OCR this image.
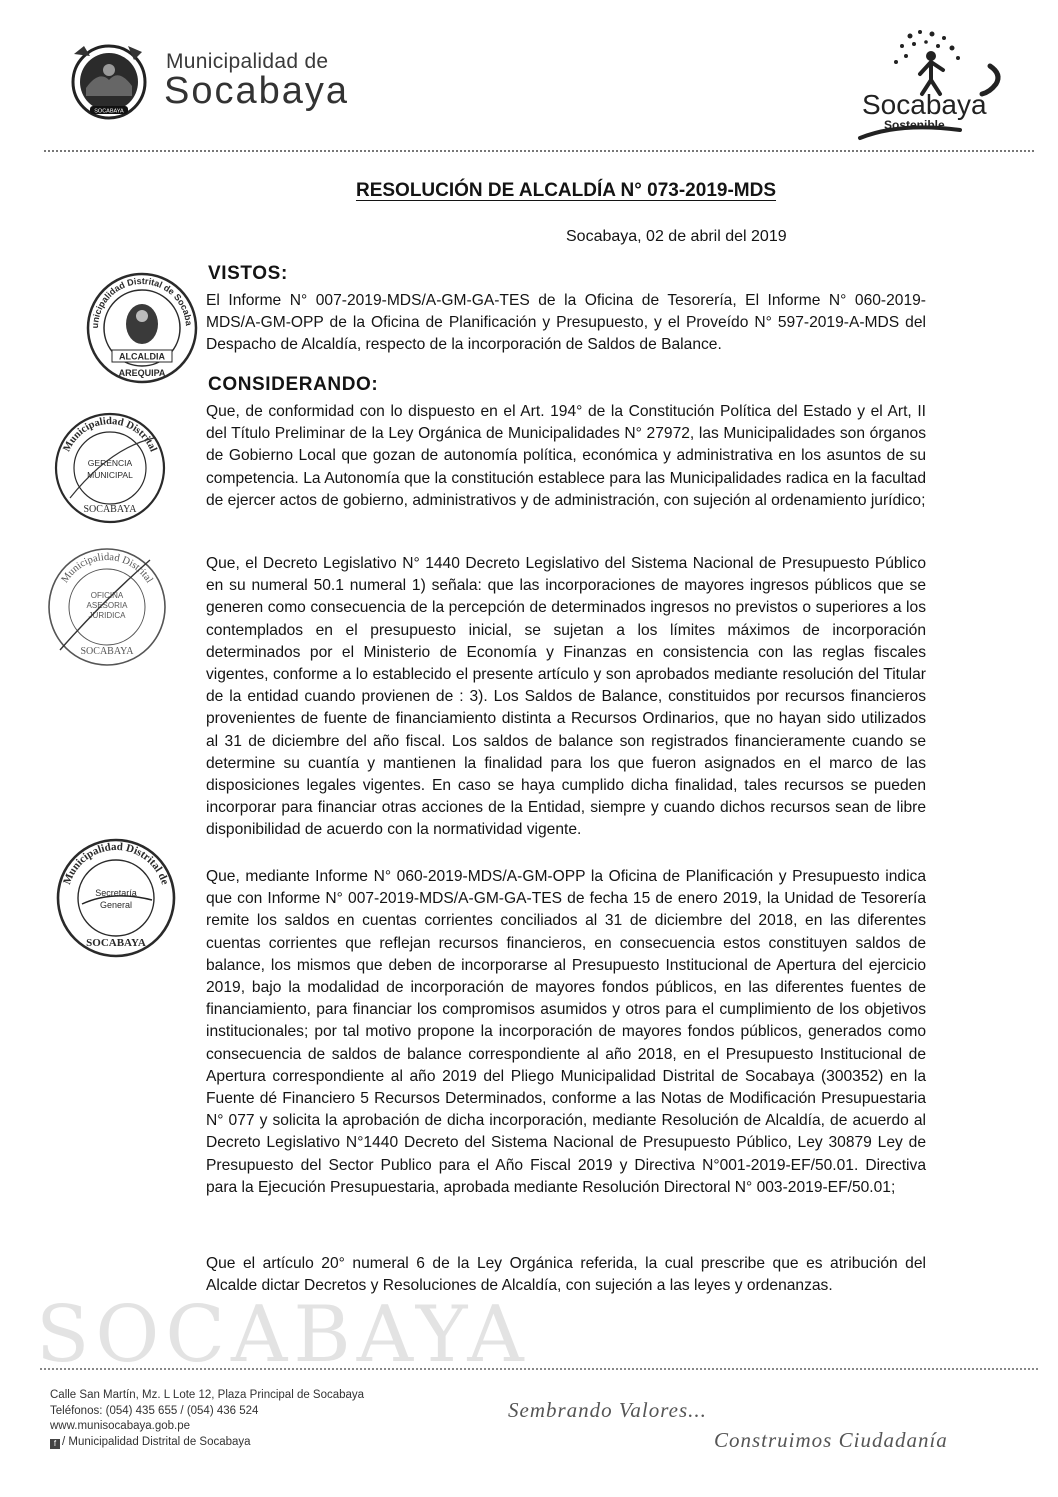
SOCABAYA
Municipalidad de
Socabaya	Socabaya
Sostenible
RESOLUCIÓN DE ALCALDÍA N° 073-2019-MDS
Socabaya, 02 de abril del 2019
unicipalidad Distrital de Socaba
ALCALDIA
AREQUIPA
Municipalidad Distrital
GERENCIA
MUNICIPAL
SOCABAYA
Municipalidad Distrital
OFICINA
ASESORIA
JURIDICA
SOCABAYA
Municipalidad Distrital de
Secretaría
General
SOCABAYA
VISTOS:

El Informe N° 007-2019-MDS/A-GM-GA-TES de la Oficina de Tesorería, El Informe N° 060-2019-MDS/A-GM-OPP de la Oficina de Planificación y Presupuesto, y el Proveído N° 597-2019-A-MDS del Despacho de Alcaldía, respecto de la incorporación de Saldos de Balance.

CONSIDERANDO:

Que, de conformidad con lo dispuesto en el Art. 194° de la Constitución Política del Estado y el Art, II del Título Preliminar de la Ley Orgánica de Municipalidades N° 27972, las Municipalidades son órganos de Gobierno Local que gozan de autonomía política, económica y administrativa en los asuntos de su competencia. La Autonomía que la constitución establece para las Municipalidades radica en la facultad de ejercer actos de gobierno, administrativos y de administración, con sujeción al ordenamiento jurídico;

Que, el Decreto Legislativo N° 1440 Decreto Legislativo del Sistema Nacional de Presupuesto Público en su numeral 50.1 numeral 1) señala: que las incorporaciones de mayores ingresos públicos que se generen como consecuencia de la percepción de determinados ingresos no previstos o superiores a los contemplados en el presupuesto inicial, se sujetan a los límites máximos de incorporación determinados por el Ministerio de Economía y Finanzas en consistencia con las reglas fiscales vigentes, conforme a lo establecido el presente artículo y son aprobados mediante resolución del Titular de la entidad cuando provienen de : 3). Los Saldos de Balance, constituidos por recursos financieros provenientes de fuente de financiamiento distinta a Recursos Ordinarios, que no hayan sido utilizados al 31 de diciembre del año fiscal. Los saldos de balance son registrados financieramente cuando se determine su cuantía y mantienen la finalidad para los que fueron asignados en el marco de las disposiciones legales vigentes. En caso se haya cumplido dicha finalidad, tales recursos se pueden incorporar para financiar otras acciones de la Entidad, siempre y cuando dichos recursos sean de libre disponibilidad de acuerdo con la normatividad vigente.

Que, mediante Informe N° 060-2019-MDS/A-GM-OPP la Oficina de Planificación y Presupuesto indica que con Informe N° 007-2019-MDS/A-GM-GA-TES de fecha 15 de enero 2019, la Unidad de Tesorería remite los saldos en cuentas corrientes conciliados al 31 de diciembre del 2018, en las diferentes cuentas corrientes que reflejan recursos financieros, en consecuencia estos constituyen saldos de balance, los mismos que deben de incorporarse al Presupuesto Institucional de Apertura del ejercicio 2019, bajo la modalidad de incorporación de mayores fondos públicos, en las diferentes fuentes de financiamiento, para financiar los compromisos asumidos y otros para el cumplimiento de los objetivos institucionales; por tal motivo propone la incorporación de mayores fondos públicos, generados como consecuencia de saldos de balance correspondiente al año 2018, en el Presupuesto Institucional de Apertura correspondiente al año 2019 del Pliego Municipalidad Distrital de Socabaya (300352) en la Fuente dé Financiero 5 Recursos Determinados, conforme a las Notas de Modificación Presupuestaria N° 077 y solicita la aprobación de dicha incorporación, mediante Resolución de Alcaldía, de acuerdo al Decreto Legislativo N°1440 Decreto del Sistema Nacional de Presupuesto Público, Ley 30879 Ley de Presupuesto del Sector Publico para el Año Fiscal 2019 y Directiva N°001-2019-EF/50.01. Directiva para la Ejecución Presupuestaria, aprobada mediante Resolución Directoral N° 003-2019-EF/50.01;

Que el artículo 20° numeral 6 de la Ley Orgánica referida, la cual prescribe que es atribución del Alcalde dictar Decretos y Resoluciones de Alcaldía, con sujeción a las leyes y ordenanzas.

SOCABAYA
Calle San Martín, Mz. L Lote 12, Plaza Principal de Socabaya
Teléfonos: (054) 435 655 / (054) 436 524
www.munisocabaya.gob.pe
f / Municipalidad Distrital de Socabaya
Sembrando Valores...
Construimos Ciudadanía
